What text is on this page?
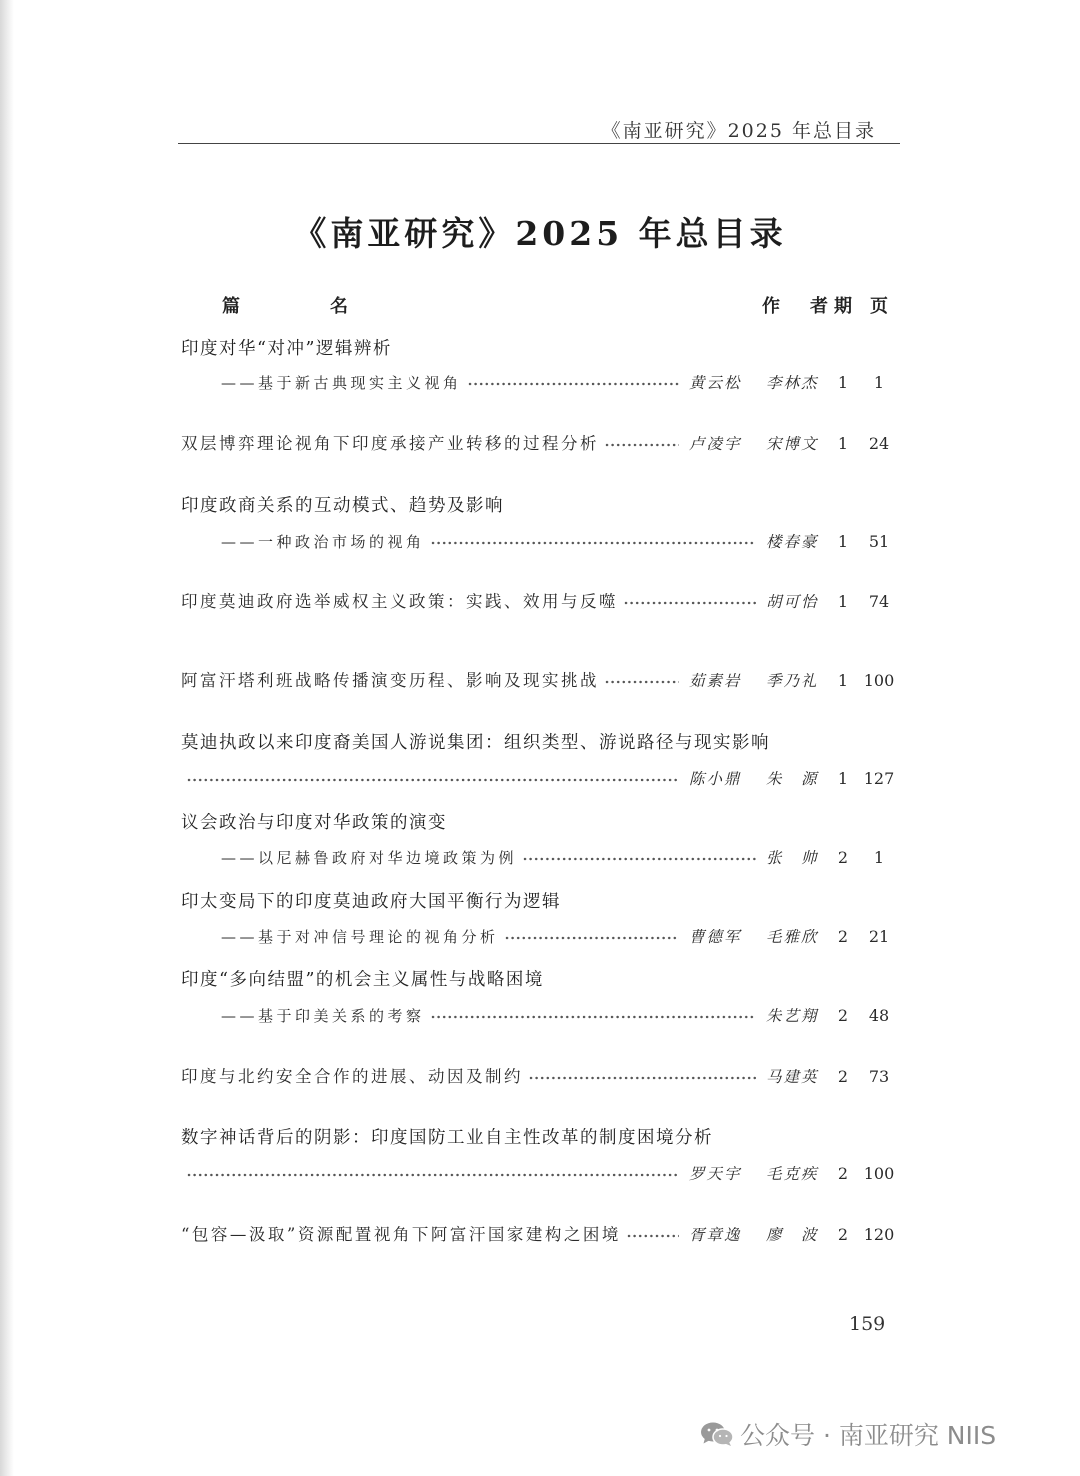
《南亚研究》2025 年总目录
《南亚研究》2025 年总目录
篇　　　　　名	作　者 期 页
印度对华“对冲”逻辑辨析
——基于新古典现实主义视角	黄云松 李林杰	1	1
双层博弈理论视角下印度承接产业转移的过程分析	卢凌宇 宋博文	1	24
印度政商关系的互动模式、趋势及影响
——一种政治市场的视角	楼春豪	1	51
印度莫迪政府选举威权主义政策：实践、效用与反噬	胡可怡	1	74
阿富汗塔利班战略传播演变历程、影响及现实挑战	茹素岩 季乃礼	1 100
莫迪执政以来印度裔美国人游说集团：组织类型、游说路径与现实影响
陈小鼎 朱　源	1 127
议会政治与印度对华政策的演变
——以尼赫鲁政府对华边境政策为例	张　帅	2	1
印太变局下的印度莫迪政府大国平衡行为逻辑
——基于对冲信号理论的视角分析	曹德军 毛雅欣	2	21
印度“多向结盟”的机会主义属性与战略困境
——基于印美关系的考察	朱艺翔	2	48
印度与北约安全合作的进展、动因及制约	马建英	2	73
数字神话背后的阴影：印度国防工业自主性改革的制度困境分析
罗天宇 毛克疾	2 100
“包容—汲取”资源配置视角下阿富汗国家建构之困境	胥章逸 廖　波	2 120
159
公众号 · 南亚研究 NIIS
